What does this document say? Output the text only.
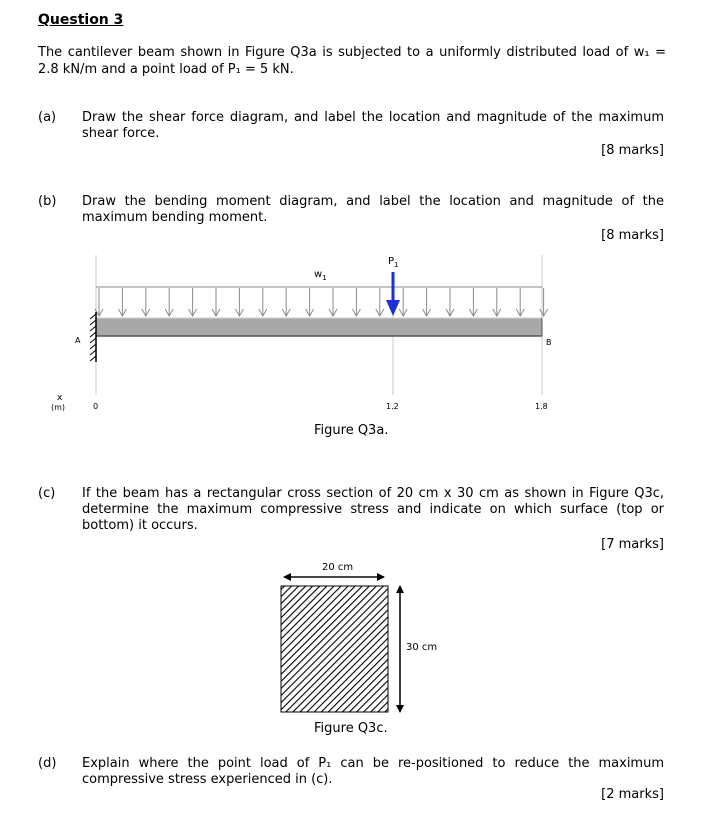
Question 3
The cantilever beam shown in Figure Q3a is subjected to a uniformly distributed load of w₁ = 2.8 kN/m and a point load of P₁ = 5 kN.
(a) Draw the shear force diagram, and label the location and magnitude of the maximum shear force.
[8 marks]
(b) Draw the bending moment diagram, and label the location and magnitude of the maximum bending moment.
[8 marks]
$w_1$
$P_1$
A	B
x
(m)	0	1.2	1.8
Figure Q3a.
(c) If the beam has a rectangular cross section of 20 cm x 30 cm as shown in Figure Q3c, determine the maximum compressive stress and indicate on which surface (top or bottom) it occurs.
[7 marks]
20 cm
30 cm
Figure Q3c.
(d) Explain where the point load of P₁ can be re-positioned to reduce the maximum compressive stress experienced in (c).
[2 marks]
